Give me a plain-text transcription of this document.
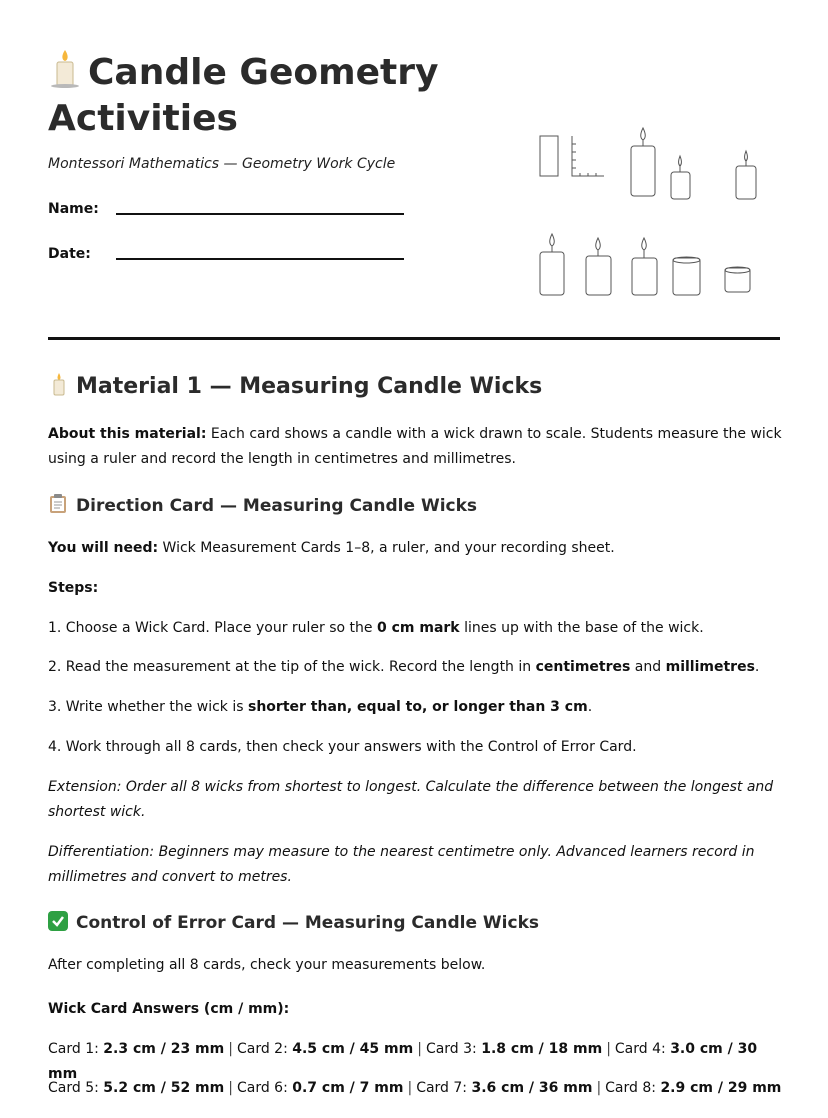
Candle Geometry Activities
Montessori Mathematics — Geometry Work Cycle
Name:
Date:
Material 1 — Measuring Candle Wicks

About this material: Each card shows a candle with a wick drawn to scale. Students measure the wick using a ruler and record the length in centimetres and millimetres.

Direction Card — Measuring Candle Wicks

You will need: Wick Measurement Cards 1–8, a ruler, and your recording sheet.

Steps:

1. Choose a Wick Card. Place your ruler so the 0 cm mark lines up with the base of the wick.

2. Read the measurement at the tip of the wick. Record the length in centimetres and millimetres.

3. Write whether the wick is shorter than, equal to, or longer than 3 cm.

4. Work through all 8 cards, then check your answers with the Control of Error Card.

Extension: Order all 8 wicks from shortest to longest. Calculate the difference between the longest and shortest wick.

Differentiation: Beginners may measure to the nearest centimetre only. Advanced learners record in millimetres and convert to metres.

Control of Error Card — Measuring Candle Wicks

After completing all 8 cards, check your measurements below.

Wick Card Answers (cm / mm):

Card 1: 2.3 cm / 23 mm | Card 2: 4.5 cm / 45 mm | Card 3: 1.8 cm / 18 mm | Card 4: 3.0 cm / 30 mm

Card 5: 5.2 cm / 52 mm | Card 6: 0.7 cm / 7 mm | Card 7: 3.6 cm / 36 mm | Card 8: 2.9 cm / 29 mm
